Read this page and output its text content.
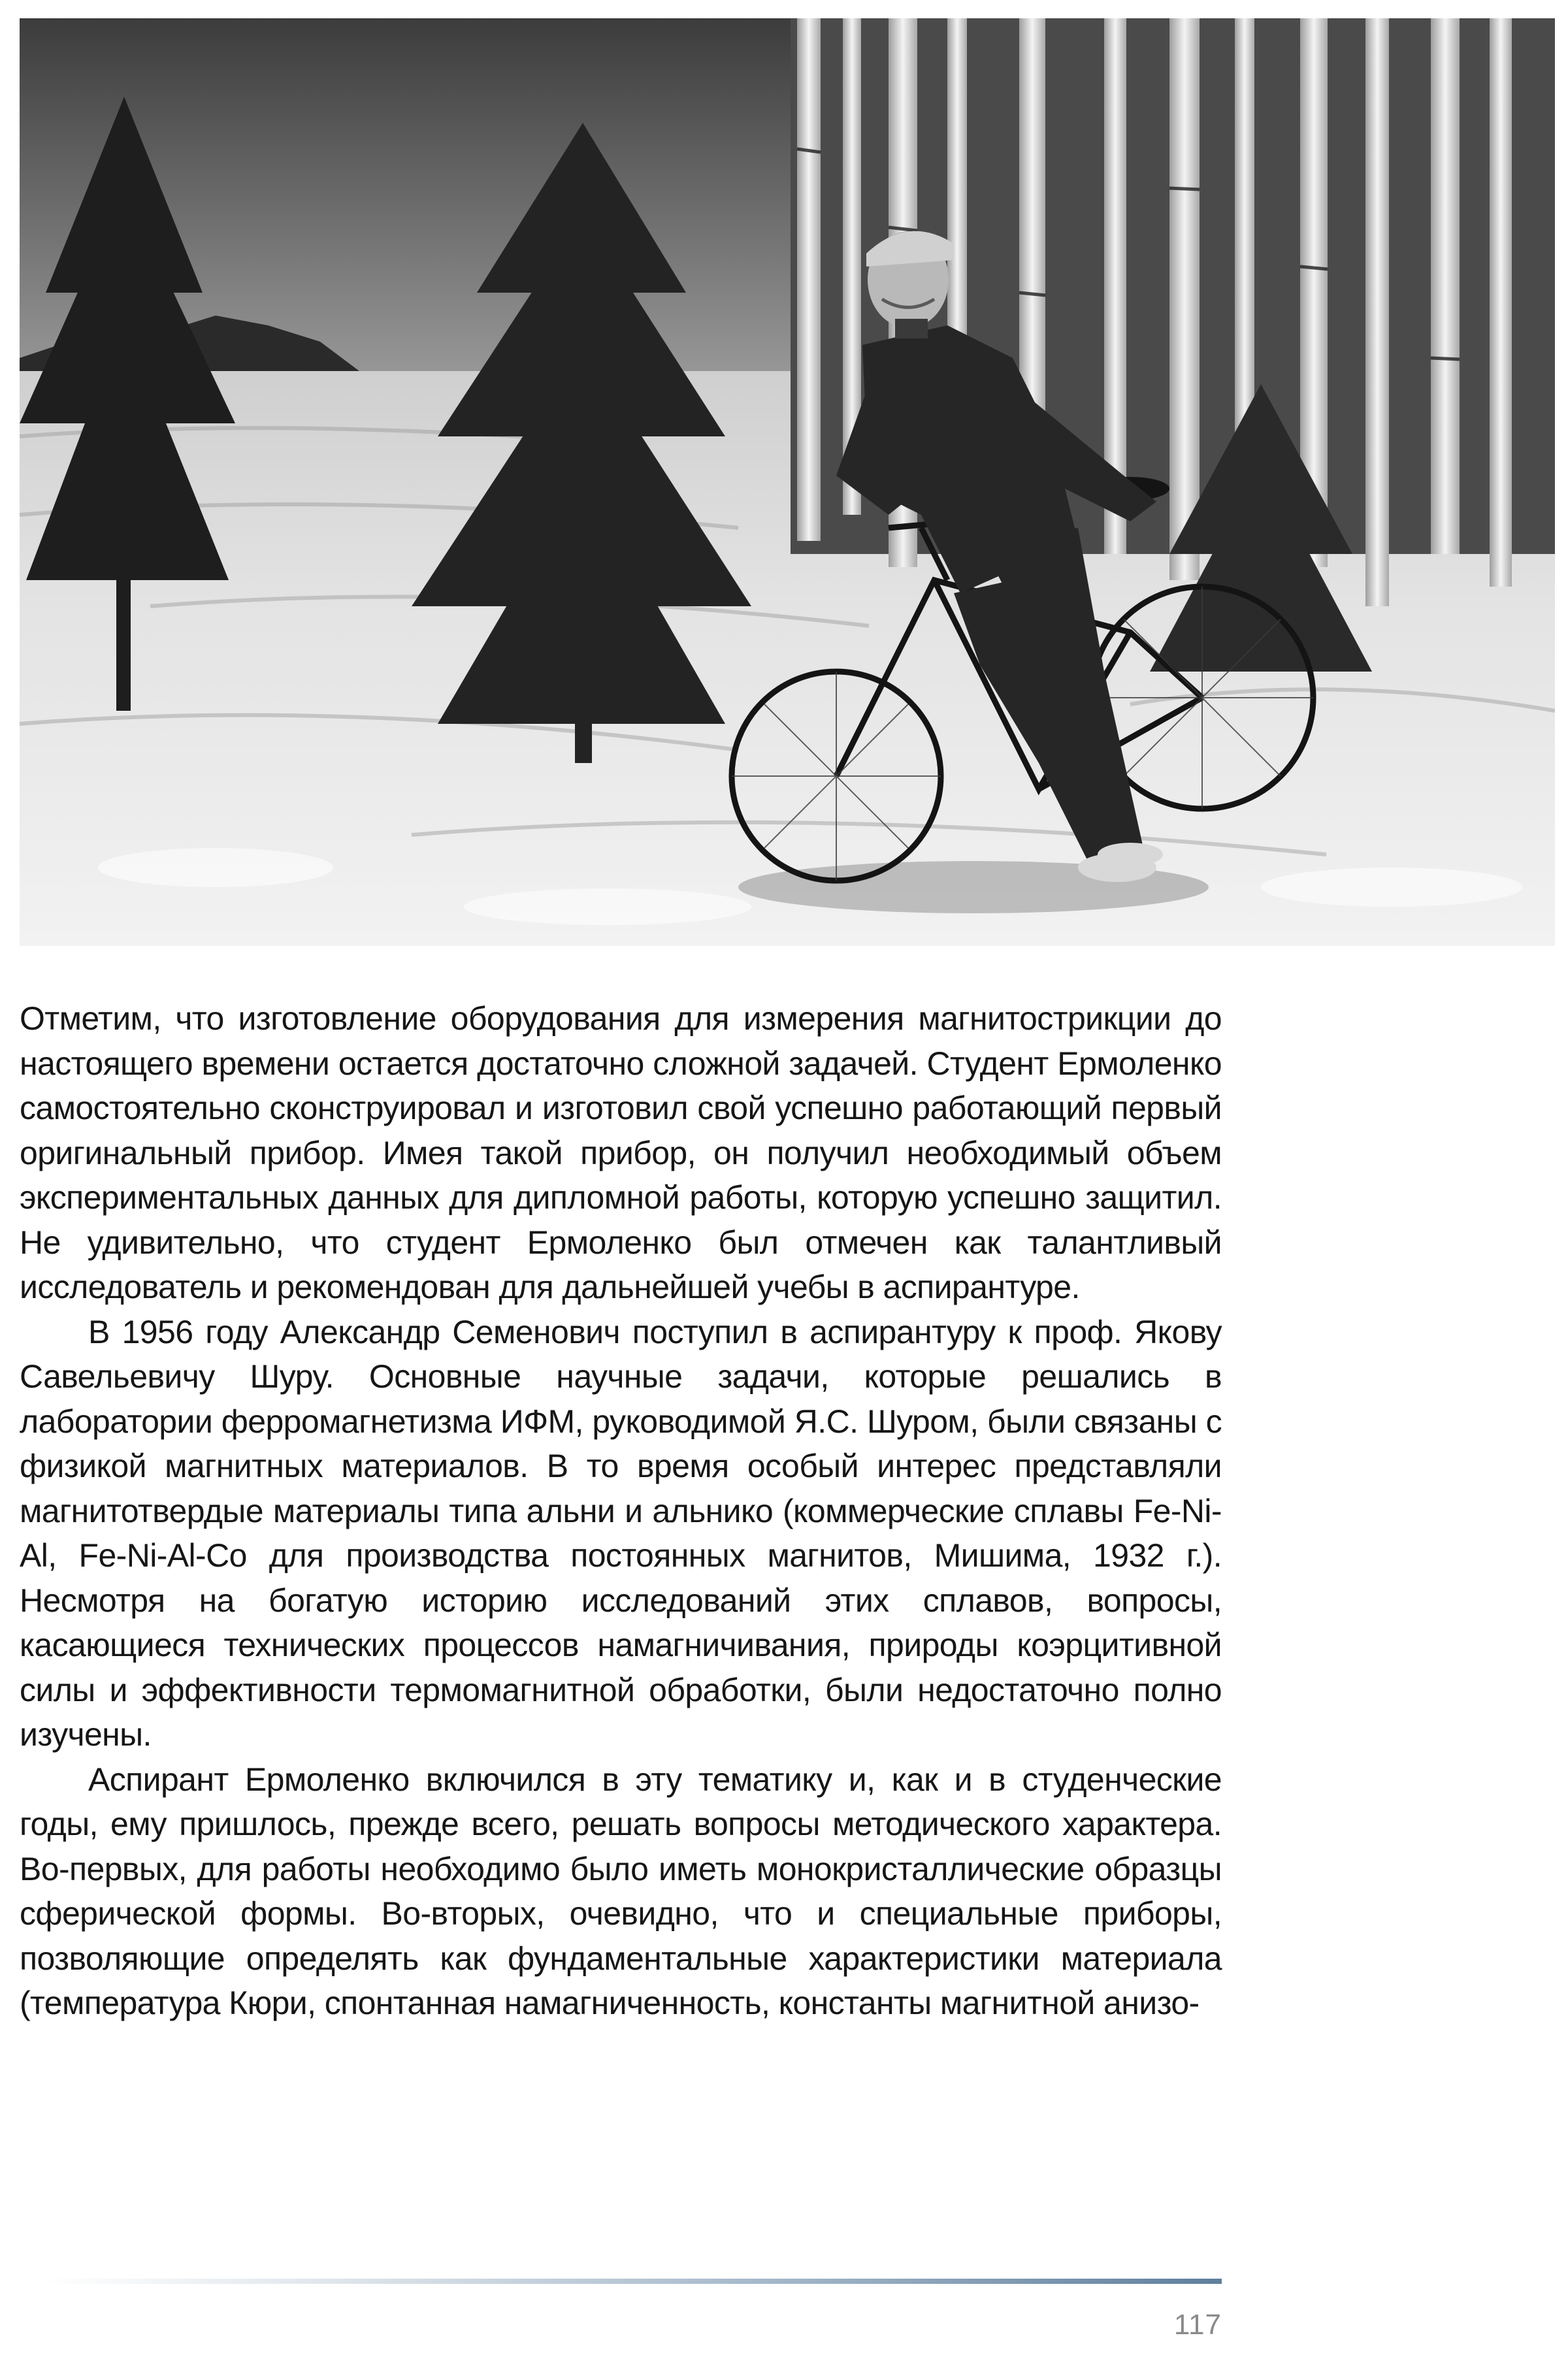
Отметим, что изготовление оборудования для измерения магнитострикции до настоящего времени остается достаточно сложной задачей. Студент Ермоленко самостоятельно сконструировал и изготовил свой успешно работающий первый оригинальный прибор. Имея такой прибор, он получил необходимый объем экспериментальных данных для дипломной работы, которую успешно защитил. Не удивительно, что студент Ермоленко был отмечен как талантливый исследователь и рекомендован для дальнейшей учебы в аспирантуре.

В 1956 году Александр Семенович поступил в аспирантуру к проф. Якову Савельевичу Шуру. Основные научные задачи, которые решались в лаборатории ферромагнетизма ИФМ, руководимой Я.С. Шуром, были связаны с физикой магнитных материалов. В то время особый интерес представляли магнитотвердые материалы типа альни и альнико (коммерческие сплавы Fe-Ni-Al, Fe-Ni-Al-Co для производства постоянных магнитов, Мишима, 1932 г.). Несмотря на богатую историю исследований этих сплавов, вопросы, касающиеся технических процессов намагничивания, природы коэрцитивной силы и эффективности термомагнитной обработки, были недостаточно полно изучены.

Аспирант Ермоленко включился в эту тематику и, как и в студенческие годы, ему пришлось, прежде всего, решать вопросы методического характера. Во-первых, для работы необходимо было иметь монокристаллические образцы сферической формы. Во-вторых, очевидно, что и специальные приборы, позволяющие определять как фундаментальные характеристики материала (температура Кюри, спонтанная намагниченность, константы магнитной анизо-

117
